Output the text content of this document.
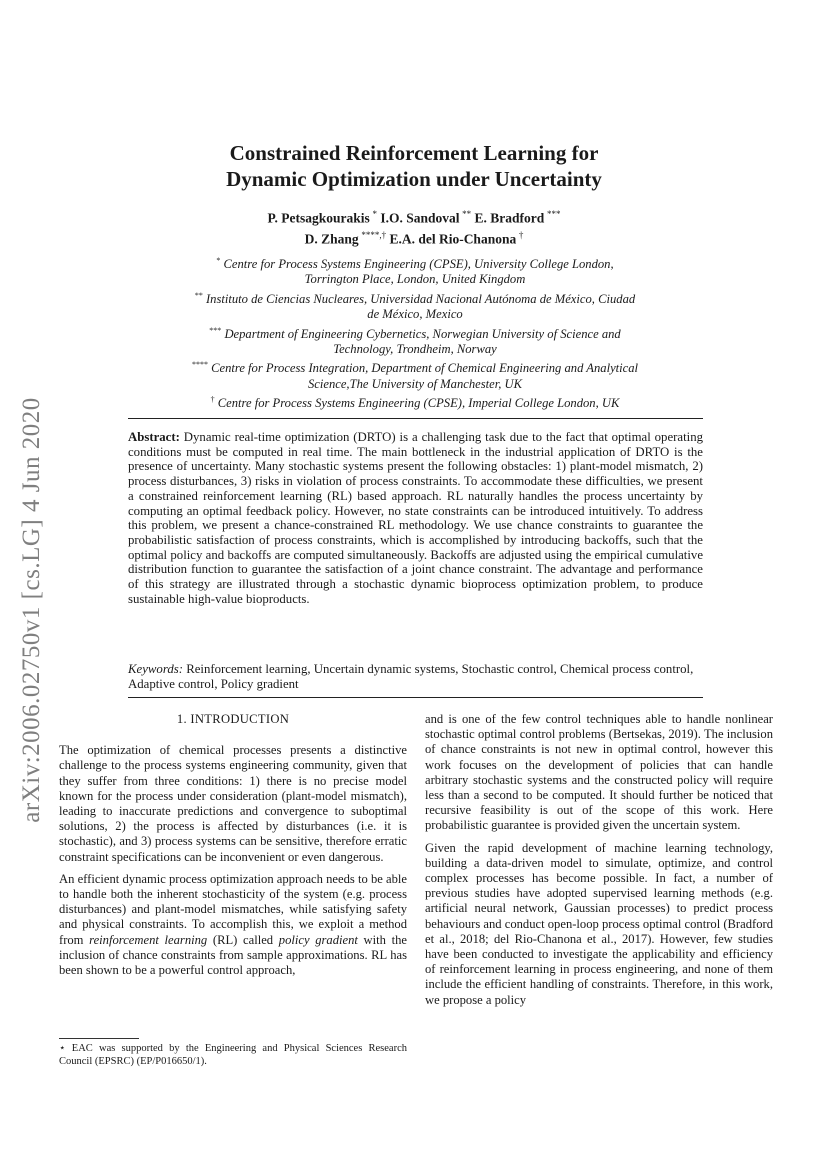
arXiv:2006.02750v1 [cs.LG] 4 Jun 2020
Constrained Reinforcement Learning for
Dynamic Optimization under Uncertainty
P. Petsagkourakis  * I.O. Sandoval  ** E. Bradford  ***
D. Zhang  ****,† E.A. del Rio-Chanona  †
* Centre for Process Systems Engineering (CPSE), University College London, Torrington Place, London, United Kingdom
** Instituto de Ciencias Nucleares, Universidad Nacional Autónoma de México, Ciudad de México, Mexico
*** Department of Engineering Cybernetics, Norwegian University of Science and Technology, Trondheim, Norway
**** Centre for Process Integration, Department of Chemical Engineering and Analytical Science,The University of Manchester, UK
† Centre for Process Systems Engineering (CPSE), Imperial College London, UK
Abstract: Dynamic real-time optimization (DRTO) is a challenging task due to the fact that optimal operating conditions must be computed in real time. The main bottleneck in the industrial application of DRTO is the presence of uncertainty. Many stochastic systems present the following obstacles: 1) plant-model mismatch, 2) process disturbances, 3) risks in violation of process constraints. To accommodate these difficulties, we present a constrained reinforcement learning (RL) based approach. RL naturally handles the process uncertainty by computing an optimal feedback policy. However, no state constraints can be introduced intuitively. To address this problem, we present a chance-constrained RL methodology. We use chance constraints to guarantee the probabilistic satisfaction of process constraints, which is accomplished by introducing backoffs, such that the optimal policy and backoffs are computed simultaneously. Backoffs are adjusted using the empirical cumulative distribution function to guarantee the satisfaction of a joint chance constraint. The advantage and performance of this strategy are illustrated through a stochastic dynamic bioprocess optimization problem, to produce sustainable high-value bioproducts.
Keywords: Reinforcement learning, Uncertain dynamic systems, Stochastic control, Chemical process control, Adaptive control, Policy gradient
1. INTRODUCTION

The optimization of chemical processes presents a distinctive challenge to the process systems engineering community, given that they suffer from three conditions: 1) there is no precise model known for the process under consideration (plant-model mismatch), leading to inaccurate predictions and convergence to suboptimal solutions, 2) the process is affected by disturbances (i.e. it is stochastic), and 3) process systems can be sensitive, therefore erratic constraint specifications can be inconvenient or even dangerous.

An efficient dynamic process optimization approach needs to be able to handle both the inherent stochasticity of the system (e.g. process disturbances) and plant-model mismatches, while satisfying safety and physical constraints. To accomplish this, we exploit a method from reinforcement learning (RL) called policy gradient with the inclusion of chance constraints from sample approximations. RL has been shown to be a powerful control approach,

and is one of the few control techniques able to handle nonlinear stochastic optimal control problems (Bertsekas, 2019). The inclusion of chance constraints is not new in optimal control, however this work focuses on the development of policies that can handle arbitrary stochastic systems and the constructed policy will require less than a second to be computed. It should further be noticed that recursive feasibility is out of the scope of this work. Here probabilistic guarantee is provided given the uncertain system.

Given the rapid development of machine learning technology, building a data-driven model to simulate, optimize, and control complex processes has become possible. In fact, a number of previous studies have adopted supervised learning methods (e.g. artificial neural network, Gaussian processes) to predict process behaviours and conduct open-loop process optimal control (Bradford et al., 2018; del Rio-Chanona et al., 2017). However, few studies have been conducted to investigate the applicability and efficiency of reinforcement learning in process engineering, and none of them include the efficient handling of constraints. Therefore, in this work, we propose a policy

⋆ EAC was supported by the Engineering and Physical Sciences Research Council (EPSRC) (EP/P016650/1).
